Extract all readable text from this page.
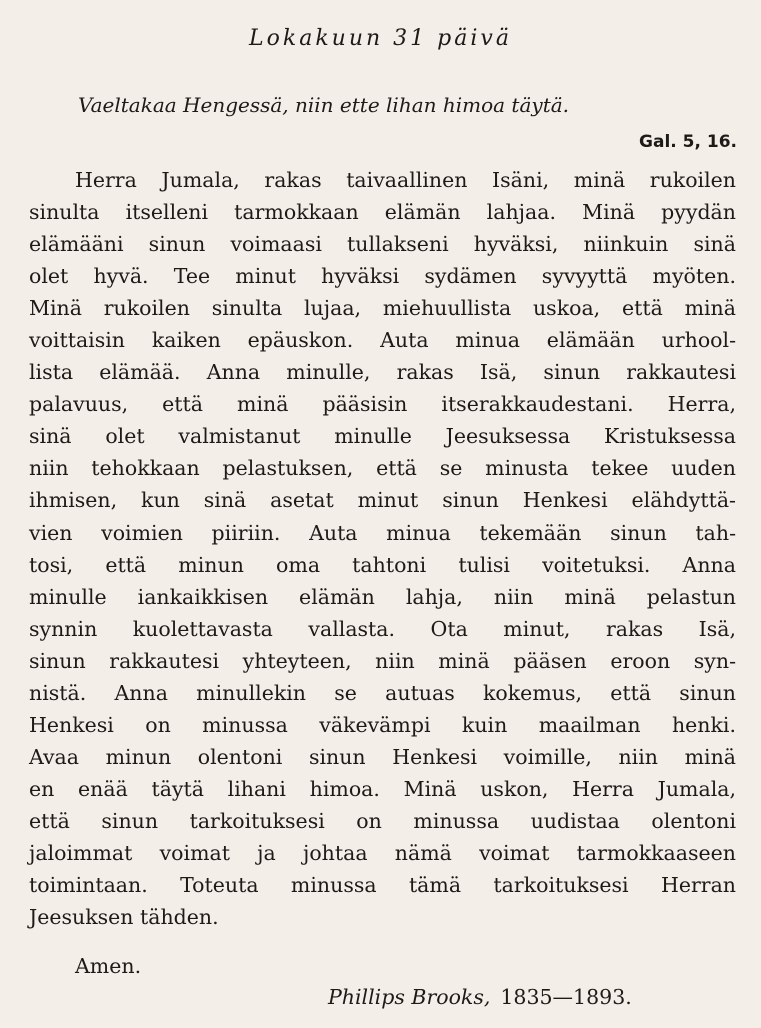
Lokakuun 31 päivä
Vaeltakaa Hengessä, niin ette lihan himoa täytä.
Gal. 5, 16.
Herra Jumala, rakas taivaallinen Isäni, minä rukoilen
sinulta itselleni tarmokkaan elämän lahjaa. Minä pyydän
elämääni sinun voimaasi tullakseni hyväksi, niinkuin sinä
olet hyvä. Tee minut hyväksi sydämen syvyyttä myöten.
Minä rukoilen sinulta lujaa, miehuullista uskoa, että minä
voittaisin kaiken epäuskon. Auta minua elämään urhool-
lista elämää. Anna minulle, rakas Isä, sinun rakkautesi
palavuus, että minä pääsisin itserakkaudestani. Herra,
sinä olet valmistanut minulle Jeesuksessa Kristuksessa
niin tehokkaan pelastuksen, että se minusta tekee uuden
ihmisen, kun sinä asetat minut sinun Henkesi elähdyttä-
vien voimien piiriin. Auta minua tekemään sinun tah-
tosi, että minun oma tahtoni tulisi voitetuksi. Anna
minulle iankaikkisen elämän lahja, niin minä pelastun
synnin kuolettavasta vallasta. Ota minut, rakas Isä,
sinun rakkautesi yhteyteen, niin minä pääsen eroon syn-
nistä. Anna minullekin se autuas kokemus, että sinun
Henkesi on minussa väkevämpi kuin maailman henki.
Avaa minun olentoni sinun Henkesi voimille, niin minä
en enää täytä lihani himoa. Minä uskon, Herra Jumala,
että sinun tarkoituksesi on minussa uudistaa olentoni
jaloimmat voimat ja johtaa nämä voimat tarmokkaaseen
toimintaan. Toteuta minussa tämä tarkoituksesi Herran
Jeesuksen tähden.
Amen.
Phillips Brooks, 1835—1893.
